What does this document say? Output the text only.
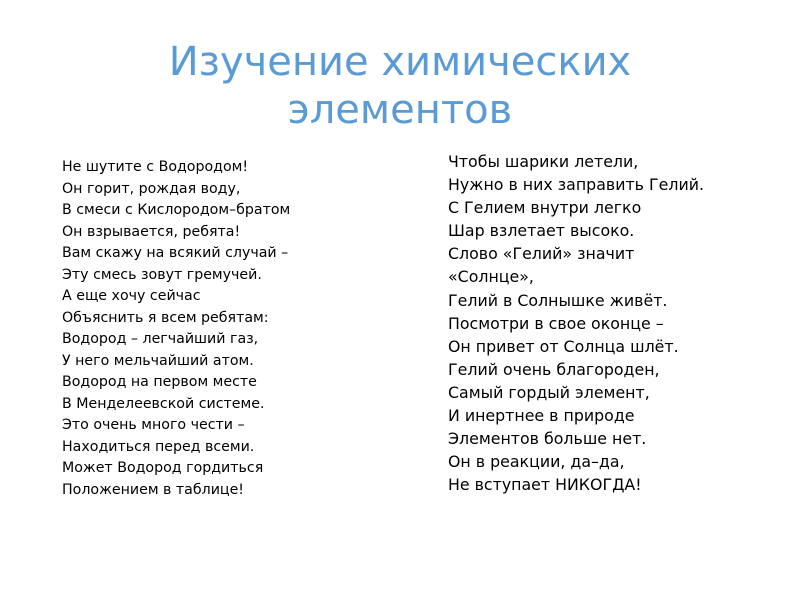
Изучение химических
элементов
Не шутите с Водородом!
Он горит, рождая воду,
В смеси с Кислородом–братом
Он взрывается, ребята!
Вам скажу на всякий случай –
Эту смесь зовут гремучей.
А еще хочу сейчас
Объяснить я всем ребятам:
Водород – легчайший газ,
У него мельчайший атом.
Водород на первом месте
В Менделеевской системе.
Это очень много чести –
Находиться перед всеми.
Может Водород гордиться
Положением в таблице!
Чтобы шарики летели,
Нужно в них заправить Гелий.
С Гелием внутри легко
Шар взлетает высоко.
Слово «Гелий» значит
«Солнце»,
Гелий в Солнышке живёт.
Посмотри в свое оконце –
Он привет от Солнца шлёт.
Гелий очень благороден,
Самый гордый элемент,
И инертнее в природе
Элементов больше нет.
Он в реакции, да–да,
Не вступает НИКОГДА!
